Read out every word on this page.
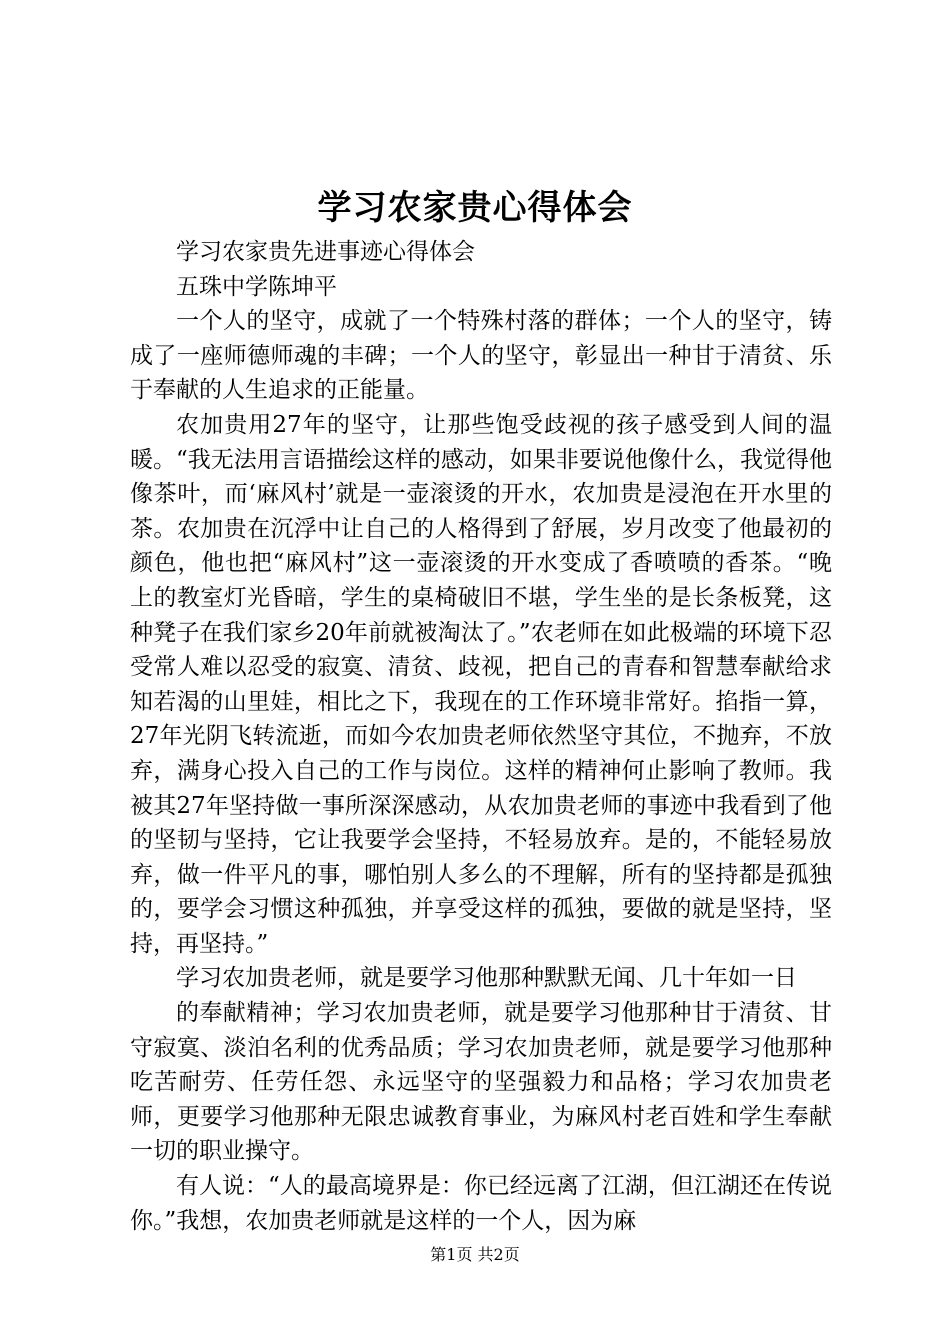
学习农家贵心得体会

学习农家贵先进事迹心得体会

五珠中学陈坤平

一个人的坚守，成就了一个特殊村落的群体；一个人的坚守，铸成了一座师德师魂的丰碑；一个人的坚守，彰显出一种甘于清贫、乐于奉献的人生追求的正能量。

农加贵用27年的坚守，让那些饱受歧视的孩子感受到人间的温暖。“我无法用言语描绘这样的感动，如果非要说他像什么，我觉得他像茶叶，而‘麻风村’就是一壶滚烫的开水，农加贵是浸泡在开水里的茶。农加贵在沉浮中让自己的人格得到了舒展，岁月改变了他最初的颜色，他也把“麻风村”这一壶滚烫的开水变成了香喷喷的香茶。“晚上的教室灯光昏暗，学生的桌椅破旧不堪，学生坐的是长条板凳，这种凳子在我们家乡20年前就被淘汰了。”农老师在如此极端的环境下忍受常人难以忍受的寂寞、清贫、歧视，把自己的青春和智慧奉献给求知若渴的山里娃，相比之下，我现在的工作环境非常好。掐指一算，27年光阴飞转流逝，而如今农加贵老师依然坚守其位，不抛弃，不放弃，满身心投入自己的工作与岗位。这样的精神何止影响了教师。我被其27年坚持做一事所深深感动，从农加贵老师的事迹中我看到了他的坚韧与坚持，它让我要学会坚持，不轻易放弃。是的，不能轻易放弃，做一件平凡的事，哪怕别人多么的不理解，所有的坚持都是孤独的，要学会习惯这种孤独，并享受这样的孤独，要做的就是坚持，坚持，再坚持。”

学习农加贵老师，就是要学习他那种默默无闻、几十年如一日

的奉献精神；学习农加贵老师，就是要学习他那种甘于清贫、甘守寂寞、淡泊名利的优秀品质；学习农加贵老师，就是要学习他那种吃苦耐劳、任劳任怨、永远坚守的坚强毅力和品格；学习农加贵老师，更要学习他那种无限忠诚教育事业，为麻风村老百姓和学生奉献一切的职业操守。

有人说：“人的最高境界是：你已经远离了江湖，但江湖还在传说你。”我想，农加贵老师就是这样的一个人，因为麻

第1页 共2页
